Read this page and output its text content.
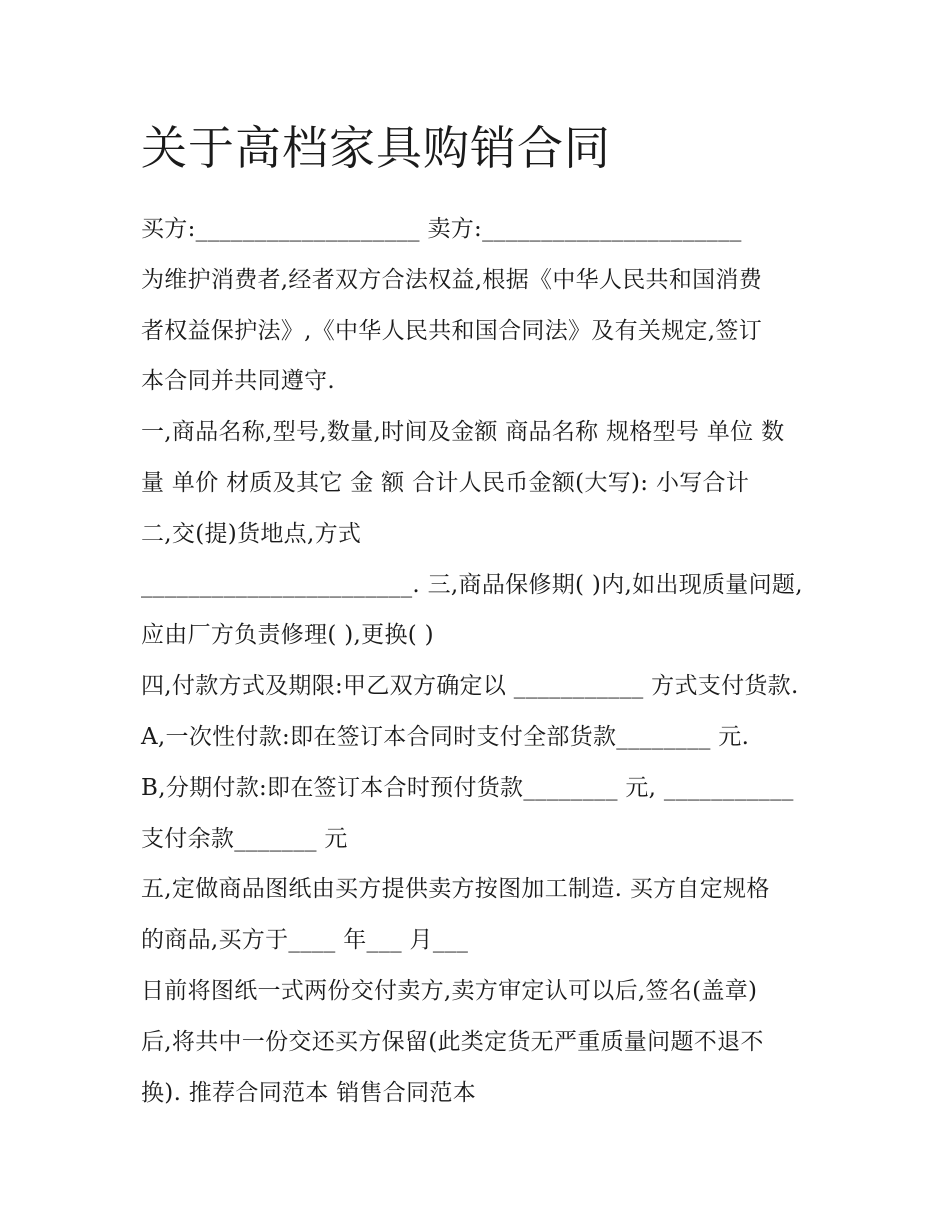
关于高档家具购销合同
买方:___________________ 卖方:______________________
为维护消费者,经者双方合法权益,根据《中华人民共和国消费
者权益保护法》,《中华人民共和国合同法》及有关规定,签订
本合同并共同遵守.
一,商品名称,型号,数量,时间及金额 商品名称 规格型号 单位 数
量 单价 材质及其它 金 额 合计人民币金额(大写): 小写合计
二,交(提)货地点,方式
_______________________. 三,商品保修期( )内,如出现质量问题,
应由厂方负责修理( ),更换( )
四,付款方式及期限:甲乙双方确定以 ___________ 方式支付货款.
A,一次性付款:即在签订本合同时支付全部货款________ 元.
B,分期付款:即在签订本合时预付货款________ 元, ___________
支付余款_______ 元
五,定做商品图纸由买方提供卖方按图加工制造. 买方自定规格
的商品,买方于____ 年___ 月___
日前将图纸一式两份交付卖方,卖方审定认可以后,签名(盖章)
后,将共中一份交还买方保留(此类定货无严重质量问题不退不
换). 推荐合同范本 销售合同范本
